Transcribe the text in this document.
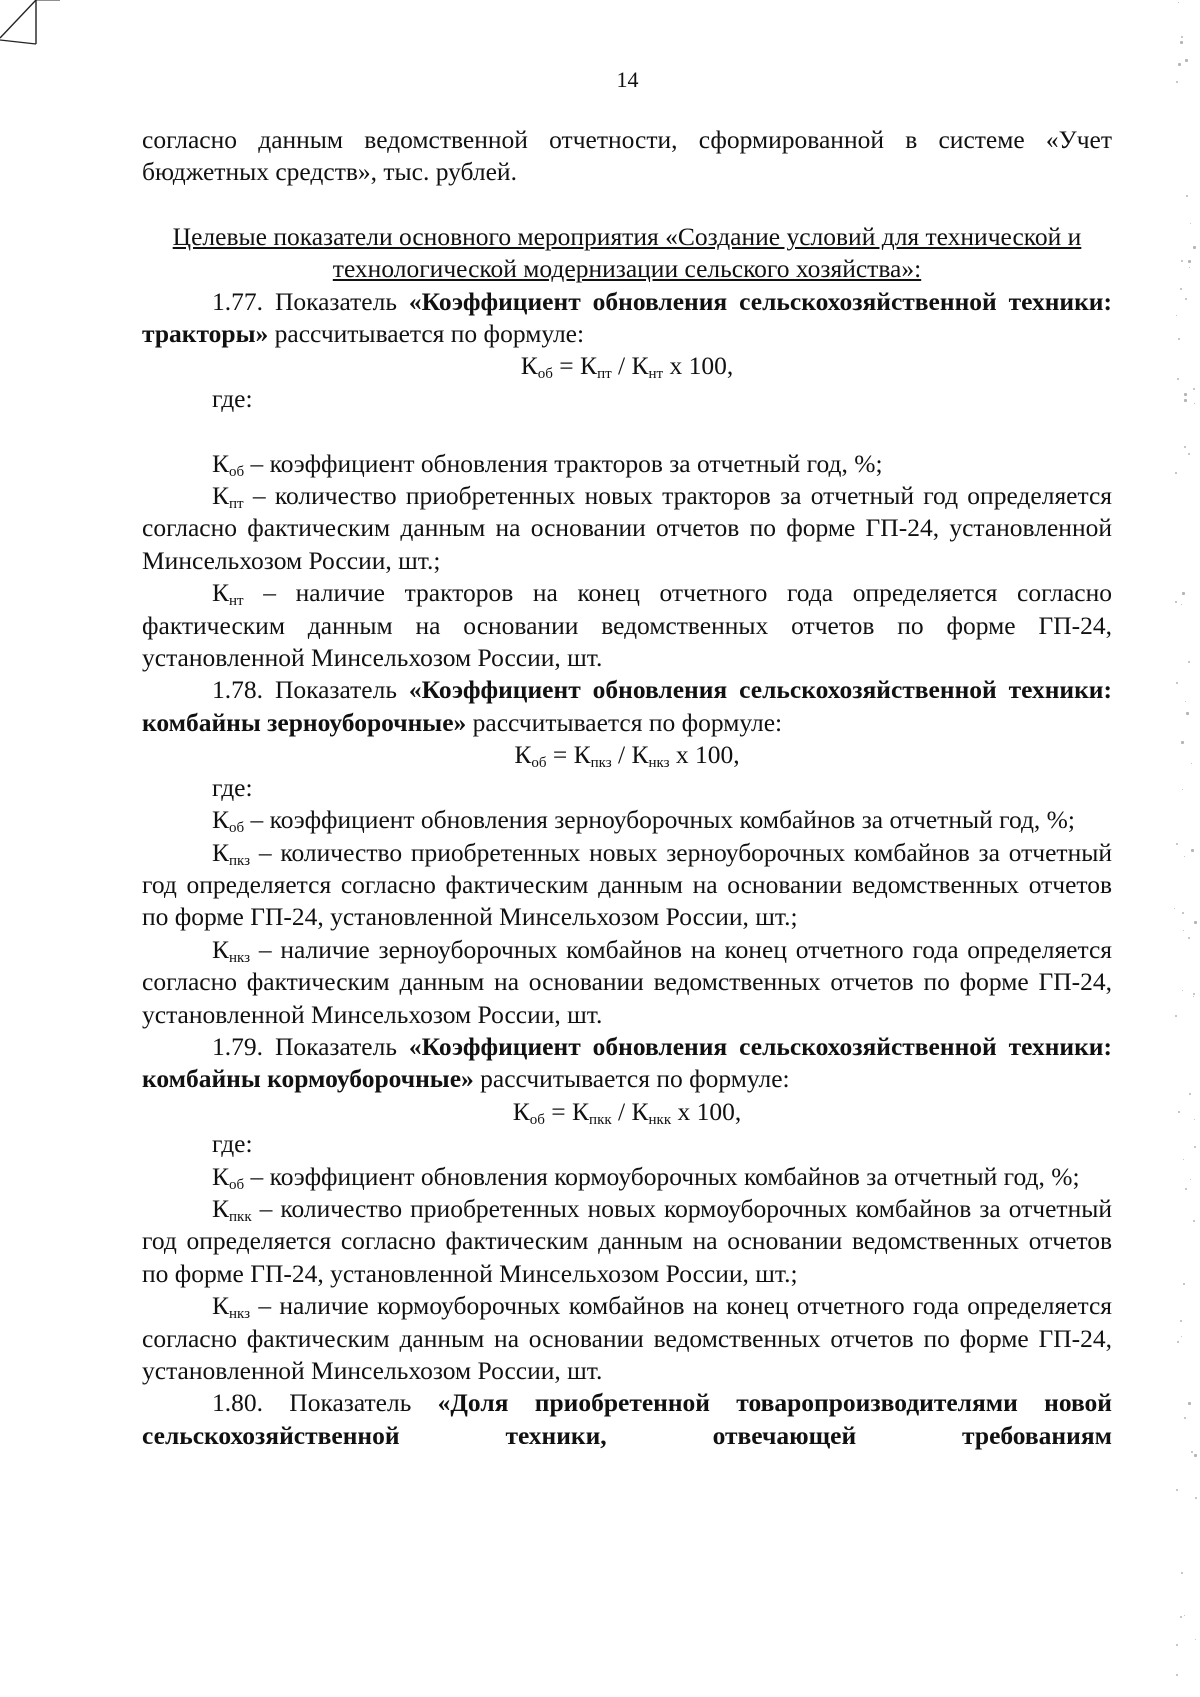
14

согласно данным ведомственной отчетности, сформированной в системе «Учет бюджетных средств», тыс. рублей.

Целевые показатели основного мероприятия «Создание условий для технической и технологической модернизации сельского хозяйства»:

1.77. Показатель «Коэффициент обновления сельскохозяйственной техники: тракторы» рассчитывается по формуле:

$К_{об} = К_{пт} / К_{нт}$ х 100,

где:

$К_{об}$ – коэффициент обновления тракторов за отчетный год, %;

$К_{пт}$ – количество приобретенных новых тракторов за отчетный год определяется согласно фактическим данным на основании отчетов по форме ГП-24, установленной Минсельхозом России, шт.;

$К_{нт}$ – наличие тракторов на конец отчетного года определяется согласно фактическим данным на основании ведомственных отчетов по форме ГП-24, установленной Минсельхозом России, шт.

1.78. Показатель «Коэффициент обновления сельскохозяйственной техники: комбайны зерноуборочные» рассчитывается по формуле:

$К_{об} = К_{пкз} / К_{нкз}$ х 100,

где:

$К_{об}$ – коэффициент обновления зерноуборочных комбайнов за отчетный год, %;

$К_{пкз}$ – количество приобретенных новых зерноуборочных комбайнов за отчетный год определяется согласно фактическим данным на основании ведомственных отчетов по форме ГП-24, установленной Минсельхозом России, шт.;

$К_{нкз}$ – наличие зерноуборочных комбайнов на конец отчетного года определяется согласно фактическим данным на основании ведомственных отчетов по форме ГП-24, установленной Минсельхозом России, шт.

1.79. Показатель «Коэффициент обновления сельскохозяйственной техники: комбайны кормоуборочные» рассчитывается по формуле:

$К_{об} = К_{пкк} / К_{нкк}$ х 100,

где:

$К_{об}$ – коэффициент обновления кормоуборочных комбайнов за отчетный год, %;

$К_{пкк}$ – количество приобретенных новых кормоуборочных комбайнов за отчетный год определяется согласно фактическим данным на основании ведомственных отчетов по форме ГП-24, установленной Минсельхозом России, шт.;

$К_{нкз}$ – наличие кормоуборочных комбайнов на конец отчетного года определяется согласно фактическим данным на основании ведомственных отчетов по форме ГП-24, установленной Минсельхозом России, шт.

1.80. Показатель «Доля приобретенной товаропроизводителями новой сельскохозяйственной техники, отвечающей требованиям
